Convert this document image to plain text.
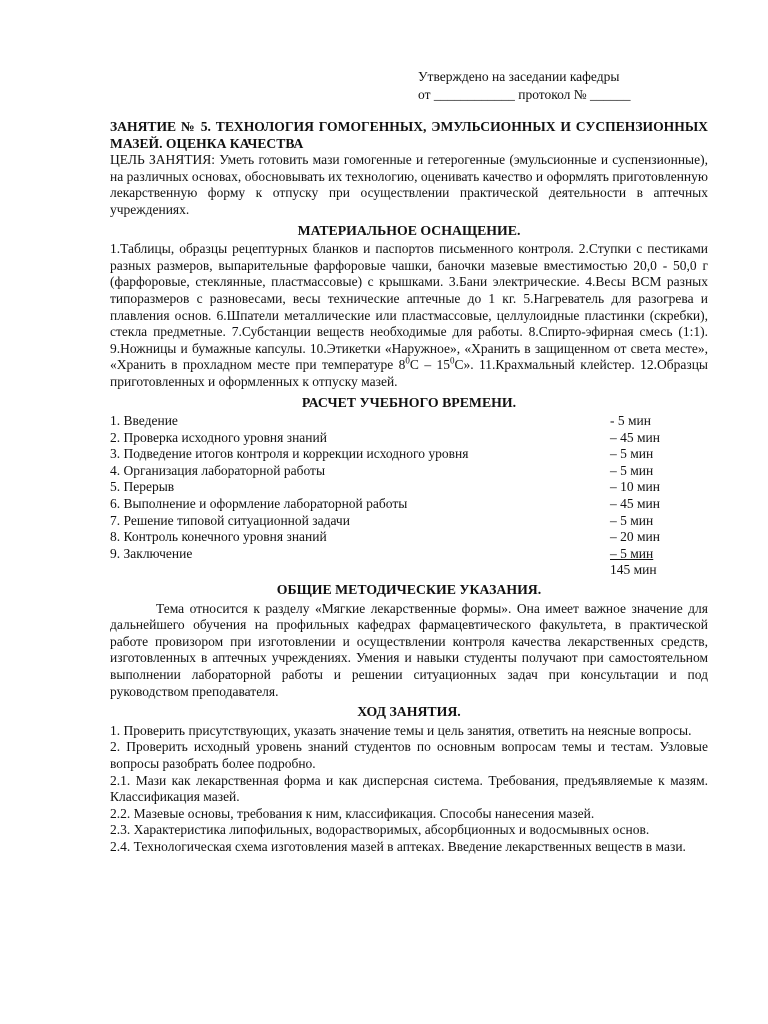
Утверждено на заседании кафедры
от ____________ протокол № ______
ЗАНЯТИЕ № 5. ТЕХНОЛОГИЯ ГОМОГЕННЫХ, ЭМУЛЬСИОННЫХ И СУСПЕНЗИОННЫХ МАЗЕЙ. ОЦЕНКА КАЧЕСТВА

ЦЕЛЬ ЗАНЯТИЯ: Уметь готовить мази гомогенные и гетерогенные (эмульсионные и суспензионные), на различных основах, обосновывать их технологию, оценивать качество и оформлять приготовленную лекарственную форму к отпуску при осуществлении практической деятельности в аптечных учреждениях.

МАТЕРИАЛЬНОЕ ОСНАЩЕНИЕ.

1.Таблицы, образцы рецептурных бланков и паспортов письменного контроля. 2.Ступки с пестиками разных размеров, выпарительные фарфоровые чашки, баночки мазевые вместимостью 20,0 - 50,0 г (фарфоровые, стеклянные, пластмассовые) с крышками. 3.Бани электрические. 4.Весы ВСМ разных типоразмеров с разновесами, весы технические аптечные до 1 кг. 5.Нагреватель для разогрева и плавления основ. 6.Шпатели металлические или пластмассовые, целлулоидные пластинки (скребки), стекла предметные. 7.Субстанции веществ необходимые для работы. 8.Спирто-эфирная смесь (1:1). 9.Ножницы и бумажные капсулы. 10.Этикетки «Наружное», «Хранить в защищенном от света месте», «Хранить в прохладном месте при температуре $8^0С - 15^0С$». 11.Крахмальный клейстер. 12.Образцы приготовленных и оформленных к отпуску мазей.

РАСЧЕТ УЧЕБНОГО ВРЕМЕНИ.
1. Введение	- 5 мин
2. Проверка исходного уровня знаний	– 45 мин
3. Подведение итогов контроля и коррекции исходного уровня	– 5 мин
4. Организация лабораторной работы	– 5 мин
5. Перерыв	– 10 мин
6. Выполнение и оформление лабораторной работы	– 45 мин
7. Решение типовой ситуационной задачи	– 5 мин
8. Контроль конечного уровня знаний	– 20 мин
9. Заключение	– 5 мин
	145 мин
ОБЩИЕ МЕТОДИЧЕСКИЕ УКАЗАНИЯ.

Тема относится к разделу «Мягкие лекарственные формы». Она имеет важное значение для дальнейшего обучения на профильных кафедрах фармацевтического факультета, в практической работе провизором при изготовлении и осуществлении контроля качества лекарственных средств, изготовленных в аптечных учреждениях. Умения и навыки студенты получают при самостоятельном выполнении лабораторной работы и решении ситуационных задач при консультации и под руководством преподавателя.

ХОД ЗАНЯТИЯ.

1. Проверить присутствующих, указать значение темы и цель занятия, ответить на неясные вопросы.

2. Проверить исходный уровень знаний студентов по основным вопросам темы и тестам. Узловые вопросы разобрать более подробно.

2.1. Мази как лекарственная форма и как дисперсная система. Требования, предъявляемые к мазям. Классификация мазей.

2.2. Мазевые основы, требования к ним, классификация. Способы нанесения мазей.

2.3. Характеристика липофильных, водорастворимых, абсорбционных и водосмывных основ.

2.4. Технологическая схема изготовления мазей в аптеках. Введение лекарственных веществ в мази.
